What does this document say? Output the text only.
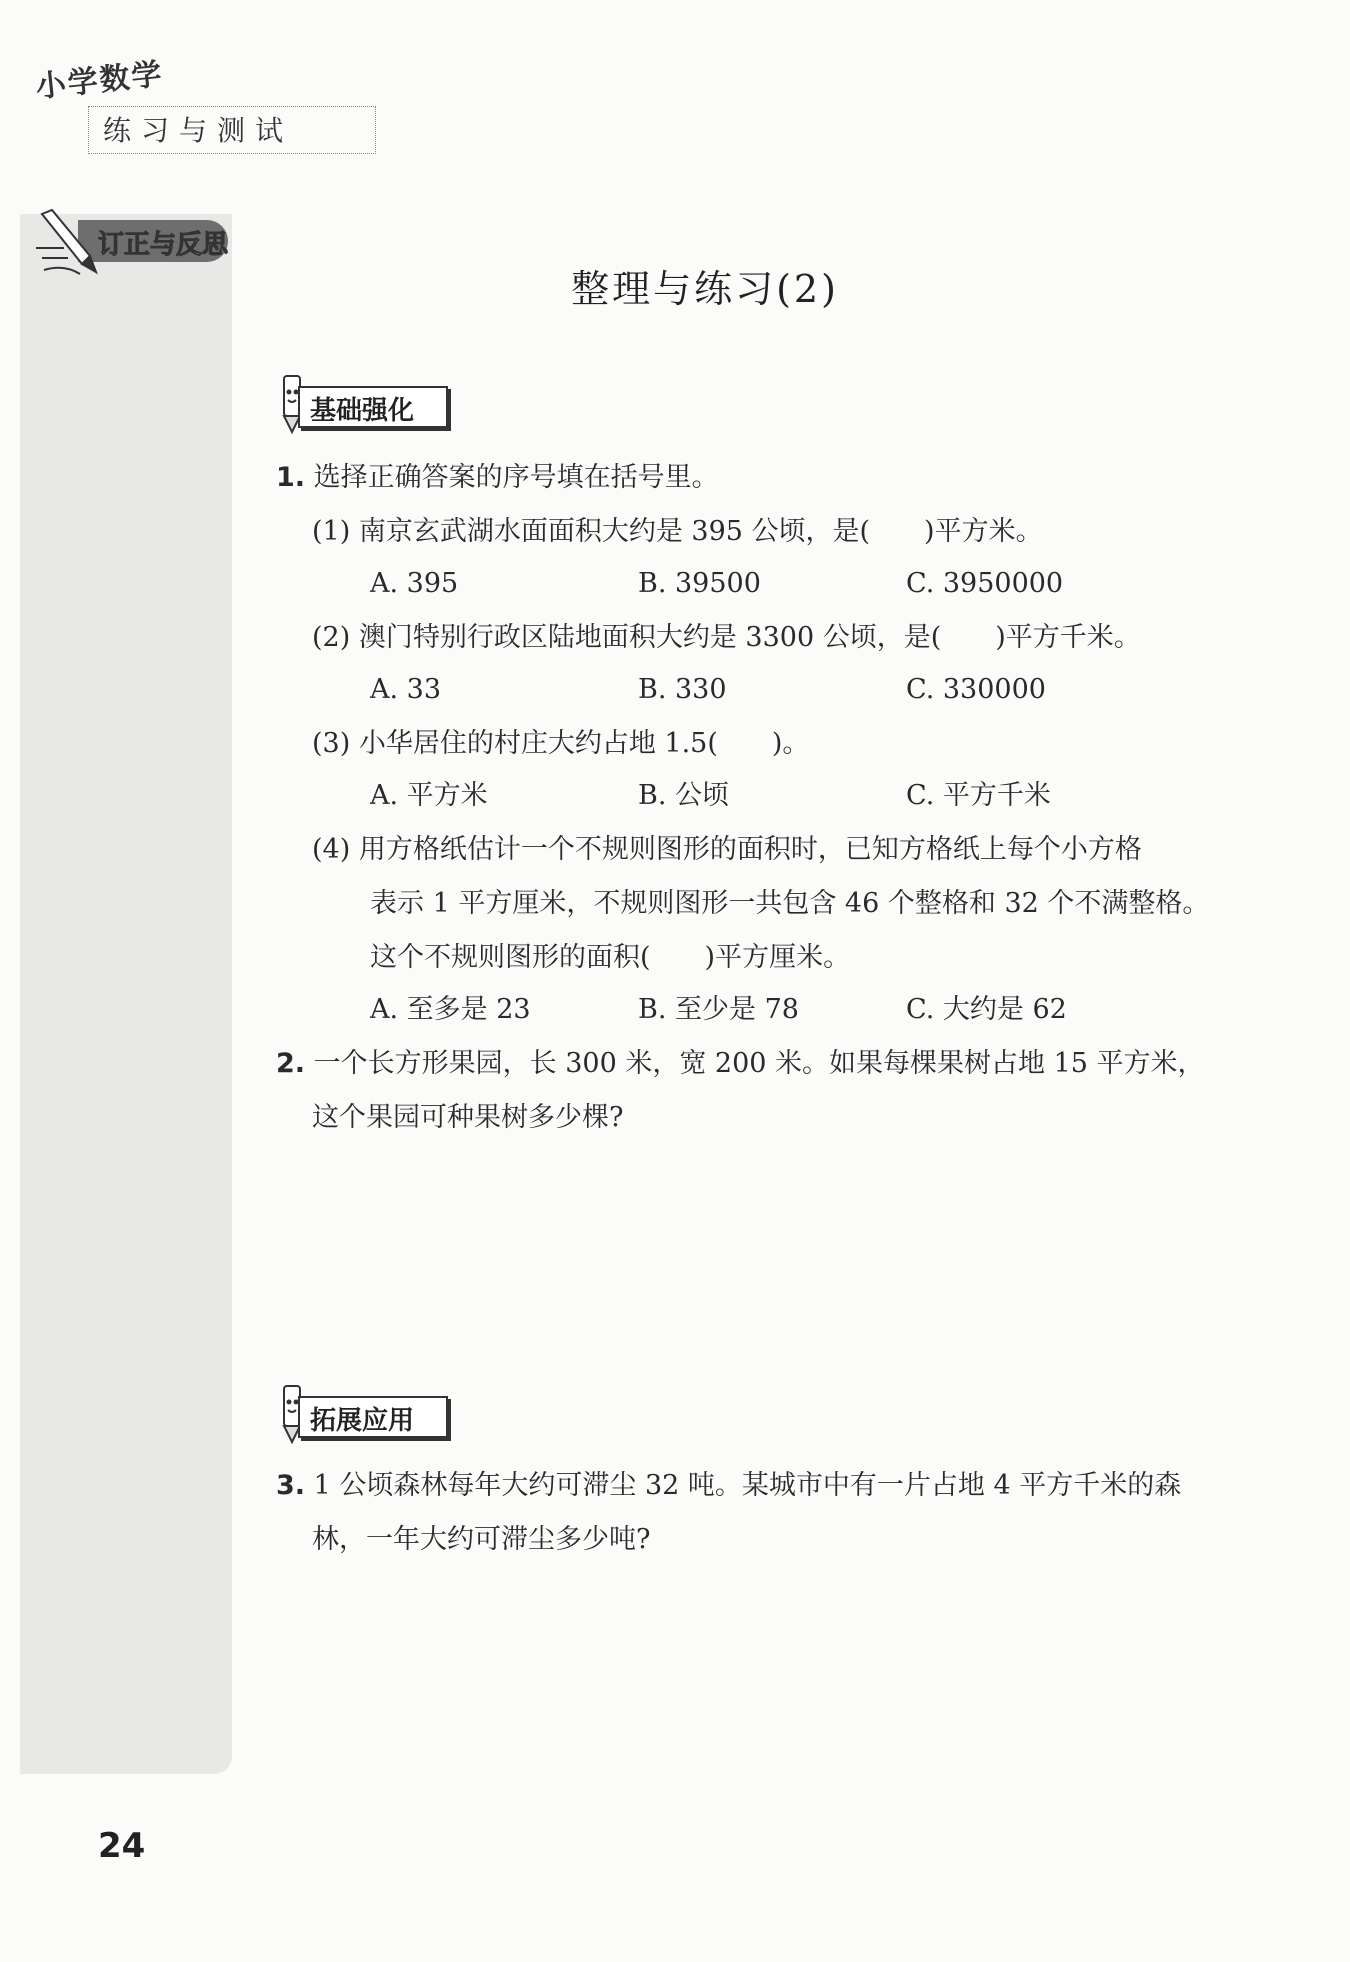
小学数学
练习与测试
订正与反思
整理与练习(2)
基础强化
1. 选择正确答案的序号填在括号里。
(1) 南京玄武湖水面面积大约是 395 公顷，是(　　)平方米。
A. 395	B. 39500	C. 3950000
(2) 澳门特别行政区陆地面积大约是 3300 公顷，是(　　)平方千米。
A. 33	B. 330	C. 330000
(3) 小华居住的村庄大约占地 1.5(　　)。
A. 平方米	B. 公顷	C. 平方千米
(4) 用方格纸估计一个不规则图形的面积时，已知方格纸上每个小方格
表示 1 平方厘米，不规则图形一共包含 46 个整格和 32 个不满整格。
这个不规则图形的面积(　　)平方厘米。
A. 至多是 23	B. 至少是 78	C. 大约是 62
2. 一个长方形果园，长 300 米，宽 200 米。如果每棵果树占地 15 平方米，
这个果园可种果树多少棵?
拓展应用
3. 1 公顷森林每年大约可滞尘 32 吨。某城市中有一片占地 4 平方千米的森
林，一年大约可滞尘多少吨?
24
